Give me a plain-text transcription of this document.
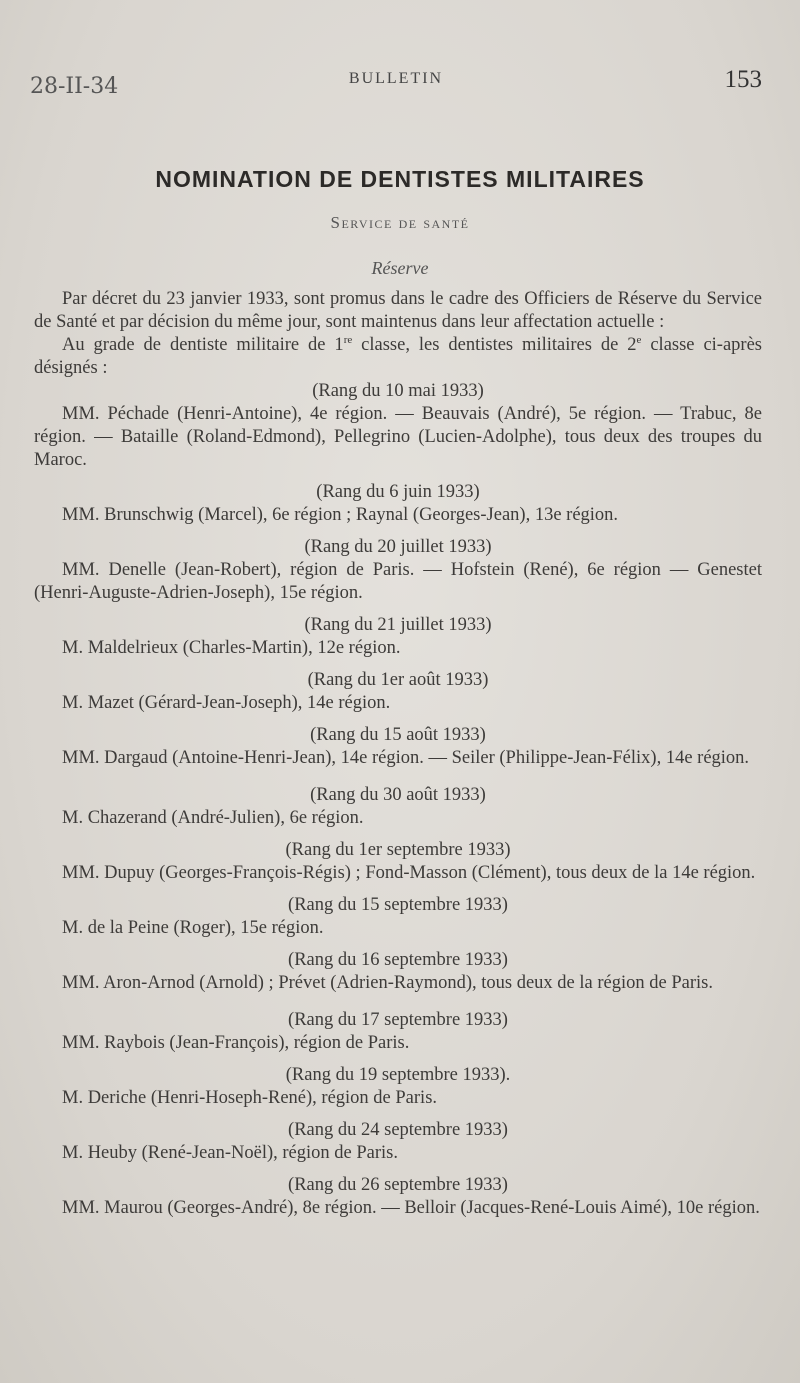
28-II-34	BULLETIN	153
NOMINATION DE DENTISTES MILITAIRES
Service de santé
Réserve

Par décret du 23 janvier 1933, sont promus dans le cadre des Officiers de Réserve du Service de Santé et par décision du même jour, sont maintenus dans leur affectation actuelle :

Au grade de dentiste militaire de 1re classe, les dentistes militaires de 2e classe ci-après désignés :

(Rang du 10 mai 1933)

MM. Péchade (Henri-Antoine), 4e région. — Beauvais (André), 5e région. — Trabuc, 8e région. — Bataille (Roland-Edmond), Pellegrino (Lucien-Adolphe), tous deux des troupes du Maroc.

(Rang du 6 juin 1933)

MM. Brunschwig (Marcel), 6e région ; Raynal (Georges-Jean), 13e région.

(Rang du 20 juillet 1933)

MM. Denelle (Jean-Robert), région de Paris. — Hofstein (René), 6e région — Genestet (Henri-Auguste-Adrien-Joseph), 15e région.

(Rang du 21 juillet 1933)

M. Maldelrieux (Charles-Martin), 12e région.

(Rang du 1er août 1933)

M. Mazet (Gérard-Jean-Joseph), 14e région.

(Rang du 15 août 1933)

MM. Dargaud (Antoine-Henri-Jean), 14e région. — Seiler (Philippe-Jean-Félix), 14e région.

(Rang du 30 août 1933)

M. Chazerand (André-Julien), 6e région.

(Rang du 1er septembre 1933)

MM. Dupuy (Georges-François-Régis) ; Fond-Masson (Clément), tous deux de la 14e région.

(Rang du 15 septembre 1933)

M. de la Peine (Roger), 15e région.

(Rang du 16 septembre 1933)

MM. Aron-Arnod (Arnold) ; Prévet (Adrien-Raymond), tous deux de la région de Paris.

(Rang du 17 septembre 1933)

MM. Raybois (Jean-François), région de Paris.

(Rang du 19 septembre 1933).

M. Deriche (Henri-Hoseph-René), région de Paris.

(Rang du 24 septembre 1933)

M. Heuby (René-Jean-Noël), région de Paris.

(Rang du 26 septembre 1933)

MM. Maurou (Georges-André), 8e région. — Belloir (Jacques-René-Louis Aimé), 10e région.
